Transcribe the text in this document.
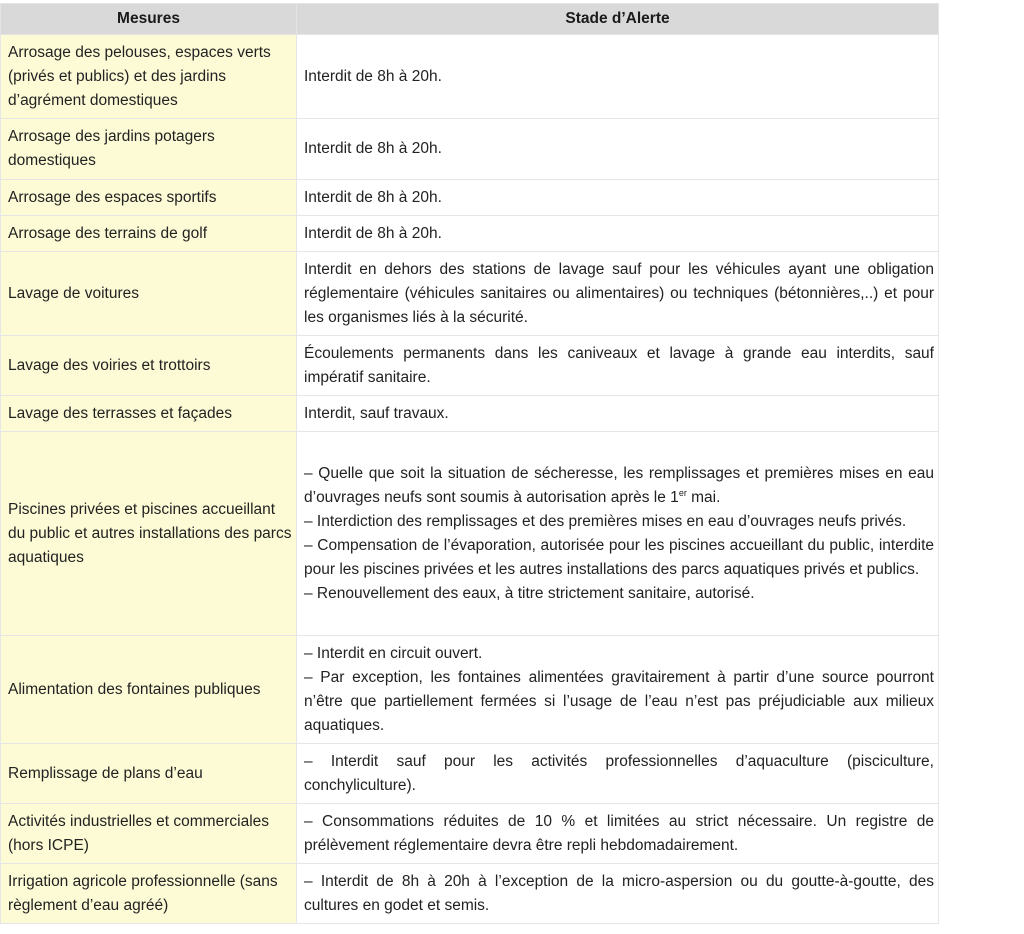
Mesures	Stade d’Alerte
Arrosage des pelouses, espaces verts (privés et publics) et des jardins d’agrément domestiques	Interdit de 8h à 20h.
Arrosage des jardins potagers domestiques	Interdit de 8h à 20h.
Arrosage des espaces sportifs	Interdit de 8h à 20h.
Arrosage des terrains de golf	Interdit de 8h à 20h.
Lavage de voitures	Interdit en dehors des stations de lavage sauf pour les véhicules ayant une obligation réglementaire (véhicules sanitaires ou alimentaires) ou techniques (bétonnières,..) et pour les organismes liés à la sécurité.
Lavage des voiries et trottoirs	Écoulements permanents dans les caniveaux et lavage à grande eau interdits, sauf impératif sanitaire.
Lavage des terrasses et façades	Interdit, sauf travaux.
Piscines privées et piscines accueillant du public et autres installations des parcs aquatiques	– Quelle que soit la situation de sécheresse, les remplissages et premières mises en eau d’ouvrages neufs sont soumis à autorisation après le 1er mai.
– Interdiction des remplissages et des premières mises en eau d’ouvrages neufs privés.
– Compensation de l’évaporation, autorisée pour les piscines accueillant du public, interdite pour les piscines privées et les autres installations des parcs aquatiques privés et publics.
– Renouvellement des eaux, à titre strictement sanitaire, autorisé.

Alimentation des fontaines publiques	– Interdit en circuit ouvert.
– Par exception, les fontaines alimentées gravitairement à partir d’une source pourront n’être que partiellement fermées si l’usage de l’eau n’est pas préjudiciable aux milieux aquatiques.

Remplissage de plans d’eau	– Interdit sauf pour les activités professionnelles d’aquaculture (pisciculture, conchyliculture).
Activités industrielles et commerciales (hors ICPE)	– Consommations réduites de 10 % et limitées au strict nécessaire. Un registre de prélèvement réglementaire devra être repli hebdomadairement.
Irrigation agricole professionnelle (sans règlement d’eau agréé)	– Interdit de 8h à 20h à l’exception de la micro-aspersion ou du goutte-à-goutte, des cultures en godet et semis.
